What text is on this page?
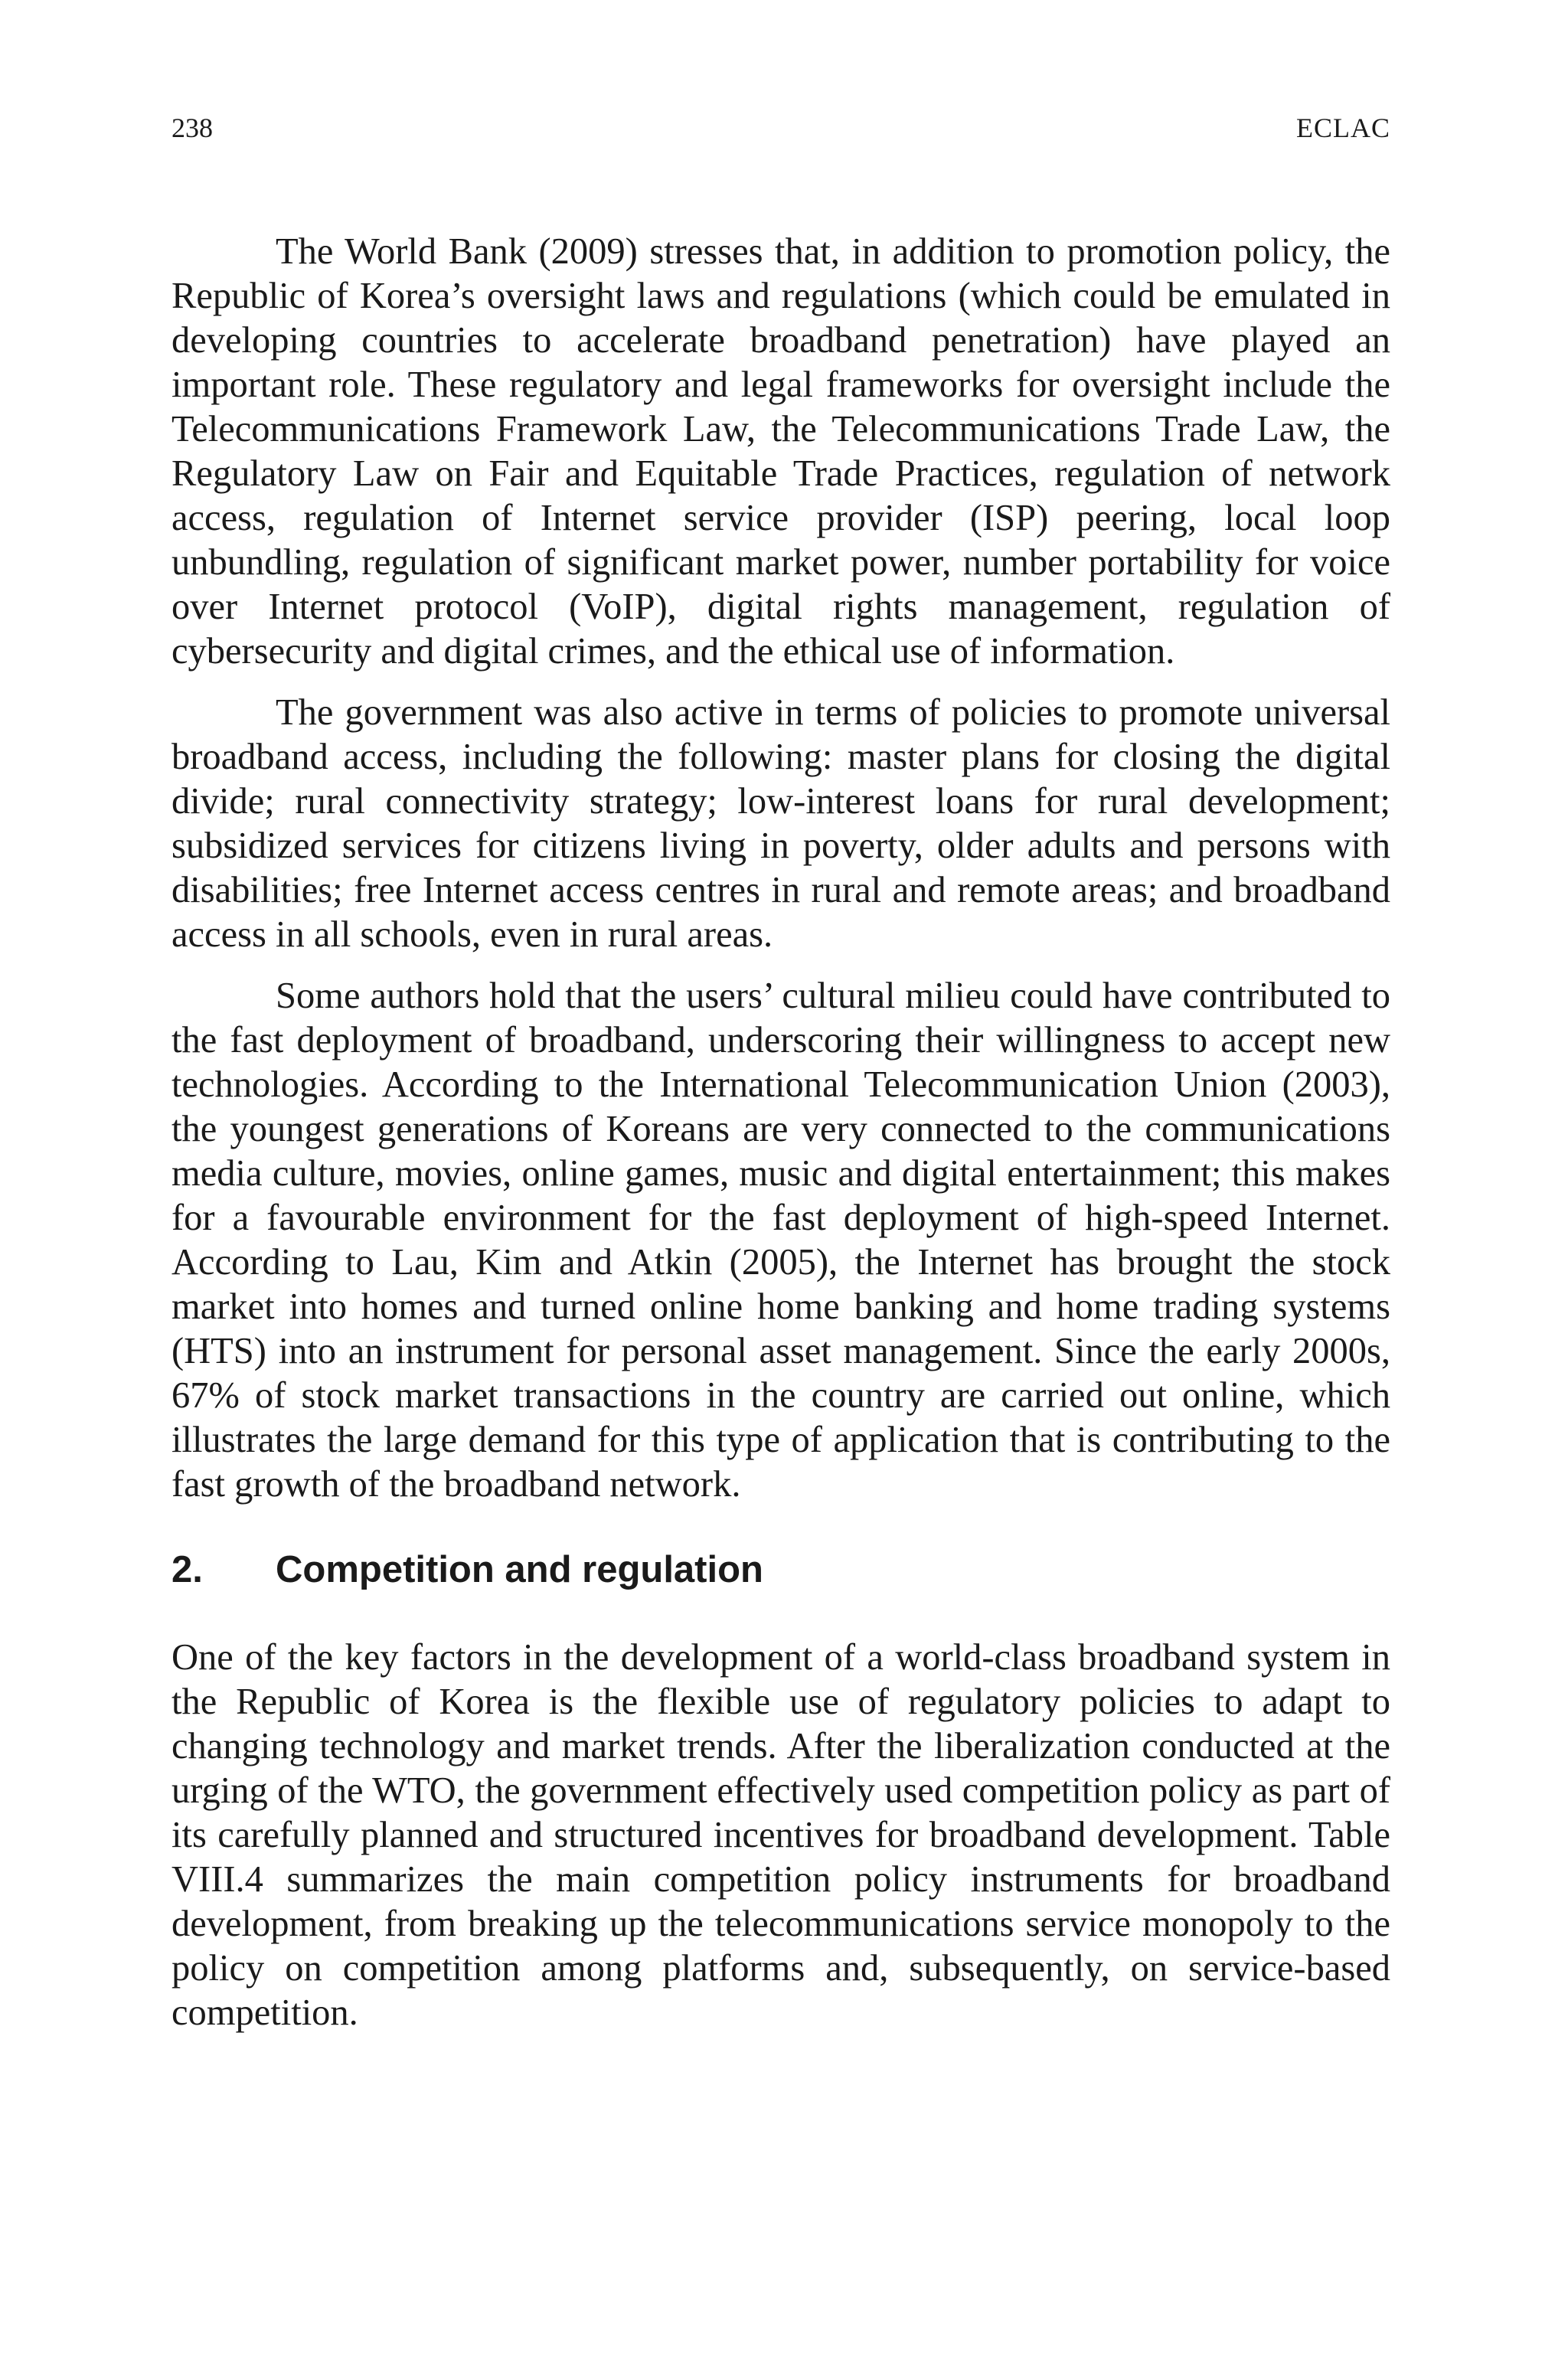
238	ECLAC

The World Bank (2009) stresses that, in addition to promotion policy, the Republic of Korea’s oversight laws and regulations (which could be emulated in developing countries to accelerate broadband penetration) have played an important role. These regulatory and legal frameworks for oversight include the Telecommunications Framework Law, the Telecommunications Trade Law, the Regulatory Law on Fair and Equitable Trade Practices, regulation of network access, regulation of Internet service provider (ISP) peering, local loop unbundling, regulation of significant market power, number portability for voice over Internet protocol (VoIP), digital rights management, regulation of cybersecurity and digital crimes, and the ethical use of information.

The government was also active in terms of policies to promote universal broadband access, including the following: master plans for closing the digital divide; rural connectivity strategy; low-interest loans for rural development; subsidized services for citizens living in poverty, older adults and persons with disabilities; free Internet access centres in rural and remote areas; and broadband access in all schools, even in rural areas.

Some authors hold that the users’ cultural milieu could have contributed to the fast deployment of broadband, underscoring their willingness to accept new technologies. According to the International Telecommunication Union (2003), the youngest generations of Koreans are very connected to the communications media culture, movies, online games, music and digital entertainment; this makes for a favourable environment for the fast deployment of high-speed Internet. According to Lau, Kim and Atkin (2005), the Internet has brought the stock market into homes and turned online home banking and home trading systems (HTS) into an instrument for personal asset management. Since the early 2000s, 67% of stock market transactions in the country are carried out online, which illustrates the large demand for this type of application that is contributing to the fast growth of the broadband network.

2.	Competition and regulation

One of the key factors in the development of a world-class broadband system in the Republic of Korea is the flexible use of regulatory policies to adapt to changing technology and market trends. After the liberalization conducted at the urging of the WTO, the government effectively used competition policy as part of its carefully planned and structured incentives for broadband development. Table VIII.4 summarizes the main competition policy instruments for broadband development, from breaking up the telecommunications service monopoly to the policy on competition among platforms and, subsequently, on service-based competition.
